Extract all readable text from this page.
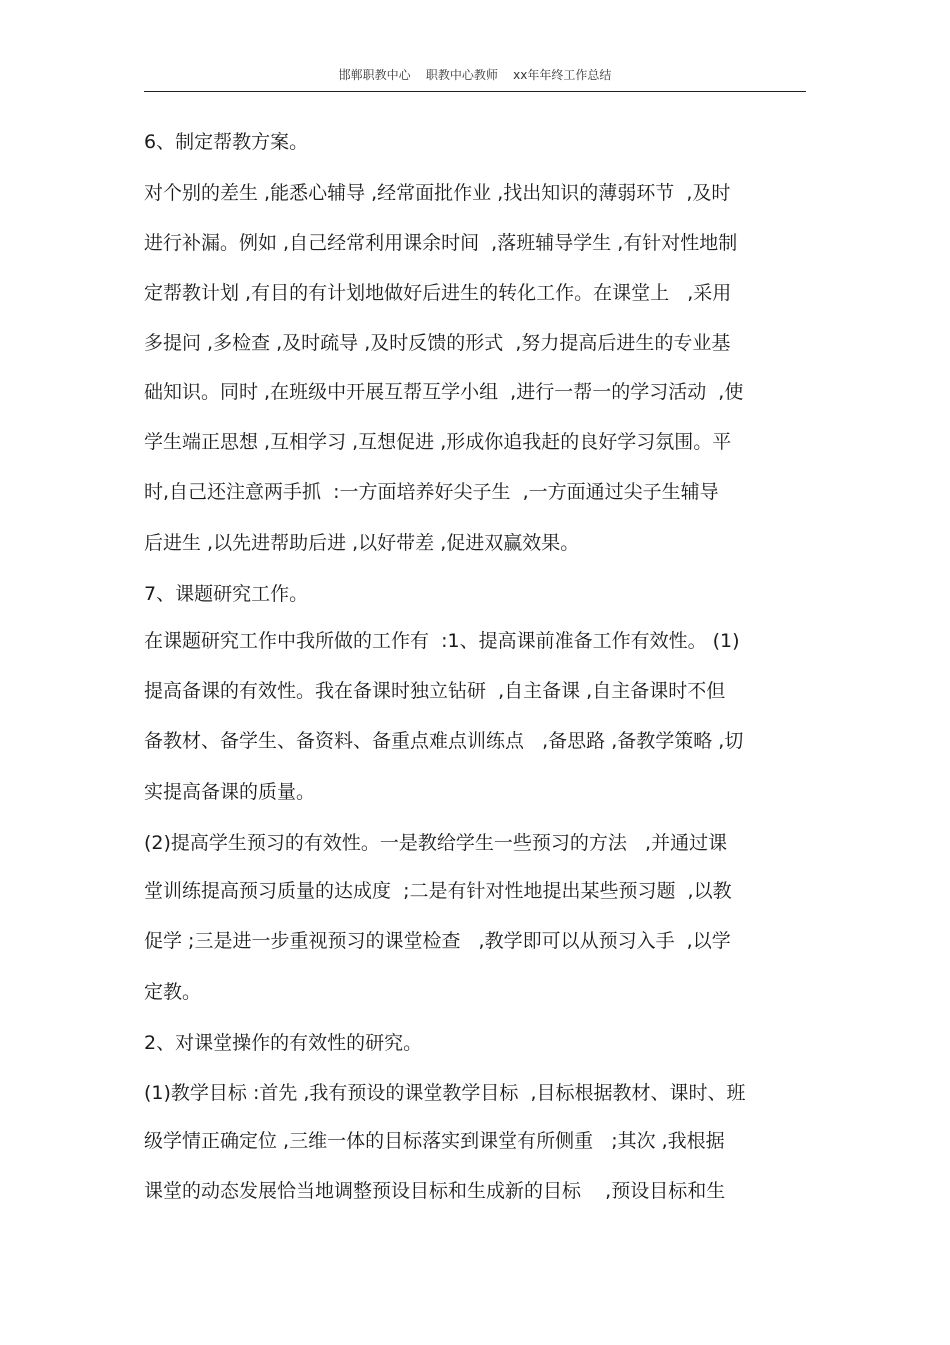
邯郸职教中心    职教中心教师    xx年年终工作总结
6、制定帮教方案。
对个别的差生 ,能悉心辅导 ,经常面批作业 ,找出知识的薄弱环节  ,及时
进行补漏。例如 ,自己经常利用课余时间  ,落班辅导学生 ,有针对性地制
定帮教计划 ,有目的有计划地做好后进生的转化工作。在课堂上   ,采用
多提问 ,多检查 ,及时疏导 ,及时反馈的形式  ,努力提高后进生的专业基
础知识。同时 ,在班级中开展互帮互学小组  ,进行一帮一的学习活动  ,使
学生端正思想 ,互相学习 ,互想促进 ,形成你追我赶的良好学习氛围。平
时,自己还注意两手抓  :一方面培养好尖子生  ,一方面通过尖子生辅导
后进生 ,以先进帮助后进 ,以好带差 ,促进双赢效果。
7、课题研究工作。
在课题研究工作中我所做的工作有  :1、提高课前准备工作有效性。 (1)
提高备课的有效性。我在备课时独立钻研  ,自主备课 ,自主备课时不但
备教材、备学生、备资料、备重点难点训练点   ,备思路 ,备教学策略 ,切
实提高备课的质量。
(2)提高学生预习的有效性。一是教给学生一些预习的方法   ,并通过课
堂训练提高预习质量的达成度  ;二是有针对性地提出某些预习题  ,以教
促学 ;三是进一步重视预习的课堂检查   ,教学即可以从预习入手  ,以学
定教。
2、对课堂操作的有效性的研究。
(1)教学目标 :首先 ,我有预设的课堂教学目标  ,目标根据教材、课时、班
级学情正确定位 ,三维一体的目标落实到课堂有所侧重   ;其次 ,我根据
课堂的动态发展恰当地调整预设目标和生成新的目标    ,预设目标和生
